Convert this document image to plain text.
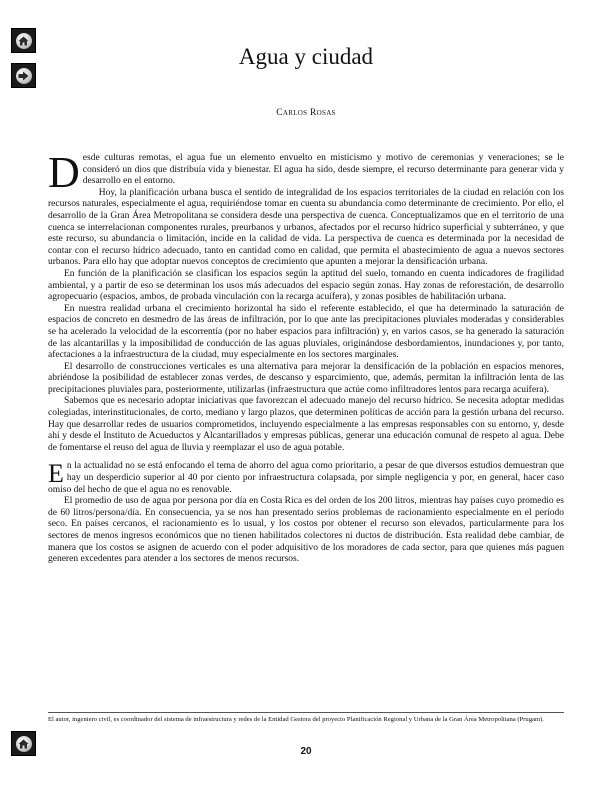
Agua y ciudad
Carlos Rosas

Desde culturas remotas, el agua fue un elemento envuelto en misticismo y motivo de ceremonias y veneraciones; se le consideró un dios que distribuía vida y bienestar. El agua ha sido, desde siempre, el recurso determinante para generar vida y desarrollo en el entorno.

Hoy, la planificación urbana busca el sentido de integralidad de los espacios territoriales de la ciudad en relación con los recursos naturales, especialmente el agua, requiriéndose tomar en cuenta su abundancia como determinante de crecimiento. Por ello, el desarrollo de la Gran Área Metropolitana se considera desde una perspectiva de cuenca. Conceptualizamos que en el territorio de una cuenca se interrelacionan componentes rurales, preurbanos y urbanos, afectados por el recurso hídrico superficial y subterráneo, y que este recurso, su abundancia o limitación, incide en la calidad de vida. La perspectiva de cuenca es determinada por la necesidad de contar con el recurso hídrico adecuado, tanto en cantidad como en calidad, que permita el abastecimiento de agua a nuevos sectores urbanos. Para ello hay que adoptar nuevos conceptos de crecimiento que apunten a mejorar la densificación urbana.

En función de la planificación se clasifican los espacios según la aptitud del suelo, tomando en cuenta indicadores de fragilidad ambiental, y a partir de eso se determinan los usos más adecuados del espacio según zonas. Hay zonas de reforestación, de desarrollo agropecuario (espacios, ambos, de probada vinculación con la recarga acuífera), y zonas posibles de habilitación urbana.

En nuestra realidad urbana el crecimiento horizontal ha sido el referente establecido, el que ha determinado la saturación de espacios de concreto en desmedro de las áreas de infiltración, por lo que ante las precipitaciones pluviales moderadas y considerables se ha acelerado la velocidad de la escorrentía (por no haber espacios para infiltración) y, en varios casos, se ha generado la saturación de las alcantarillas y la imposibilidad de conducción de las aguas pluviales, originándose desbordamientos, inundaciones y, por tanto, afectaciones a la infraestructura de la ciudad, muy especialmente en los sectores marginales.

El desarrollo de construcciones verticales es una alternativa para mejorar la densificación de la población en espacios menores, abriéndose la posibilidad de establecer zonas verdes, de descanso y esparcimiento, que, además, permitan la infiltración lenta de las precipitaciones pluviales para, posteriormente, utilizarlas (infraestructura que actúe como infiltradores lentos para recarga acuífera).

Sabemos que es necesario adoptar iniciativas que favorezcan el adecuado manejo del recurso hídrico. Se necesita adoptar medidas colegiadas, interinstitucionales, de corto, mediano y largo plazos, que determinen políticas de acción para la gestión urbana del recurso. Hay que desarrollar redes de usuarios comprometidos, incluyendo especialmente a las empresas responsables con su entorno, y, desde ahí y desde el Instituto de Acueductos y Alcantarillados y empresas públicas, generar una educación comunal de respeto al agua. Debe de fomentarse el reuso del agua de lluvia y reemplazar el uso de agua potable.

En la actualidad no se está enfocando el tema de ahorro del agua como prioritario, a pesar de que diversos estudios demuestran que hay un desperdicio superior al 40 por ciento por infraestructura colapsada, por simple negligencia y por, en general, hacer caso omiso del hecho de que el agua no es renovable.

El promedio de uso de agua por persona por día en Costa Rica es del orden de los 200 litros, mientras hay países cuyo promedio es de 60 litros/persona/día. En consecuencia, ya se nos han presentado serios problemas de racionamiento especialmente en el período seco. En países cercanos, el racionamiento es lo usual, y los costos por obtener el recurso son elevados, particularmente para los sectores de menos ingresos económicos que no tienen habilitados colectores ni ductos de distribución. Esta realidad debe cambiar, de manera que los costos se asignen de acuerdo con el poder adquisitivo de los moradores de cada sector, para que quienes más paguen generen excedentes para atender a los sectores de menos recursos.

El autor, ingeniero civil, es coordinador del sistema de infraestructura y redes de la Entidad Gestora del proyecto Planificación Regional y Urbana de la Gran Área Metropolitana (Prugam).
20
